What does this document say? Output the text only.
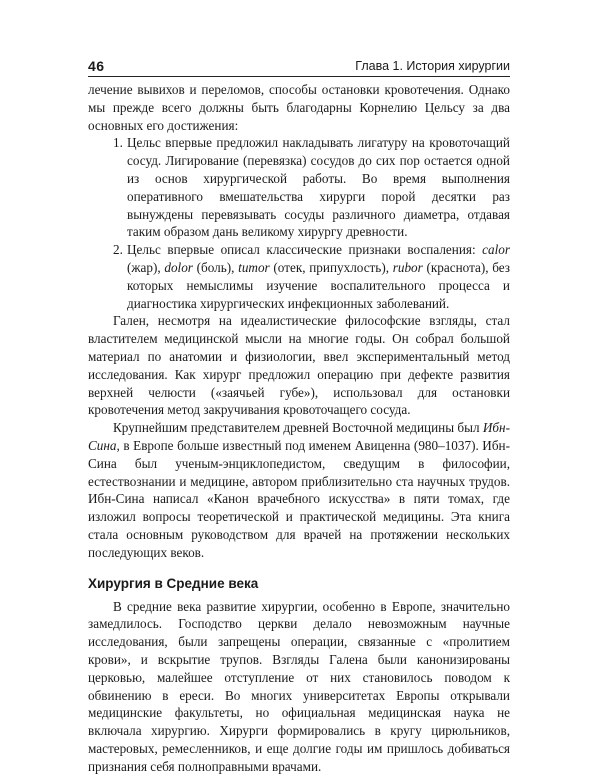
46	Глава 1. История хирургии

лечение вывихов и переломов, способы остановки кровотечения. Однако мы прежде всего должны быть благодарны Корнелию Цельсу за два основных его достижения:

1. Цельс впервые предложил накладывать лигатуру на кровоточащий сосуд. Лигирование (перевязка) сосудов до сих пор остается одной из основ хирургической работы. Во время выполнения оперативного вмешательства хирурги порой десятки раз вынуждены перевязывать сосуды различного диаметра, отдавая таким образом дань великому хирургу древности.
2. Цельс впервые описал классические признаки воспаления: calor (жар), dolor (боль), tumor (отек, припухлость), rubor (краснота), без которых немыслимы изучение воспалительного процесса и диагностика хирургических инфекционных заболеваний.

Гален, несмотря на идеалистические философские взгляды, стал властителем медицинской мысли на многие годы. Он собрал большой материал по анатомии и физиологии, ввел экспериментальный метод исследования. Как хирург предложил операцию при дефекте развития верхней челюсти («заячьей губе»), использовал для остановки кровотечения метод закручивания кровоточащего сосуда.

Крупнейшим представителем древней Восточной медицины был Ибн-Сина, в Европе больше известный под именем Авиценна (980–1037). Ибн-Сина был ученым-энциклопедистом, сведущим в философии, естествознании и медицине, автором приблизительно ста научных трудов. Ибн-Сина написал «Канон врачебного искусства» в пяти томах, где изложил вопросы теоретической и практической медицины. Эта книга стала основным руководством для врачей на протяжении нескольких последующих веков.

Хирургия в Средние века

В средние века развитие хирургии, особенно в Европе, значительно замедлилось. Господство церкви делало невозможным научные исследования, были запрещены операции, связанные с «пролитием крови», и вскрытие трупов. Взгляды Галена были канонизированы церковью, малейшее отступление от них становилось поводом к обвинению в ереси. Во многих университетах Европы открывали медицинские факультеты, но официальная медицинская наука не включала хирургию. Хирурги формировались в кругу цирюльников, мастеровых, ремесленников, и еще долгие годы им пришлось добиваться признания себя полноправными врачами.
